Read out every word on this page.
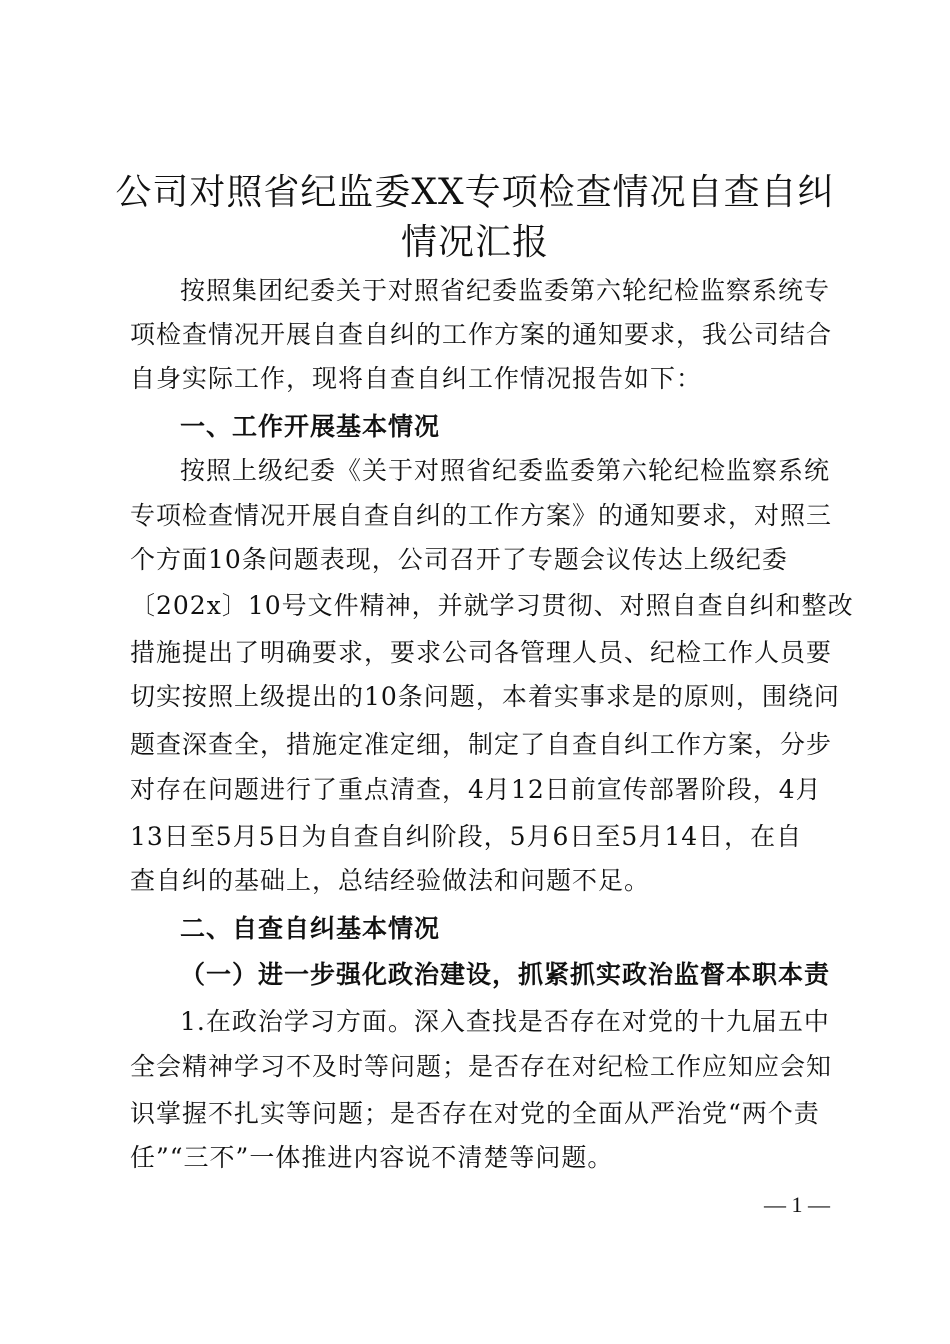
公司对照省纪监委XX专项检查情况自查自纠
情况汇报
按照集团纪委关于对照省纪委监委第六轮纪检监察系统专
项检查情况开展自查自纠的工作方案的通知要求，我公司结合
自身实际工作，现将自查自纠工作情况报告如下：
一、工作开展基本情况
按照上级纪委《关于对照省纪委监委第六轮纪检监察系统
专项检查情况开展自查自纠的工作方案》的通知要求，对照三
个方面10条问题表现，公司召开了专题会议传达上级纪委
〔202x〕10号文件精神，并就学习贯彻、对照自查自纠和整改
措施提出了明确要求，要求公司各管理人员、纪检工作人员要
切实按照上级提出的10条问题，本着实事求是的原则，围绕问
题查深查全，措施定准定细，制定了自查自纠工作方案，分步
对存在问题进行了重点清查，4月12日前宣传部署阶段，4月
13日至5月5日为自查自纠阶段，5月6日至5月14日，在自
查自纠的基础上，总结经验做法和问题不足。
二、自查自纠基本情况
（一）进一步强化政治建设，抓紧抓实政治监督本职本责
1.在政治学习方面。深入查找是否存在对党的十九届五中
全会精神学习不及时等问题；是否存在对纪检工作应知应会知
识掌握不扎实等问题；是否存在对党的全面从严治党“两个责
任”“三不”一体推进内容说不清楚等问题。
— 1 —
